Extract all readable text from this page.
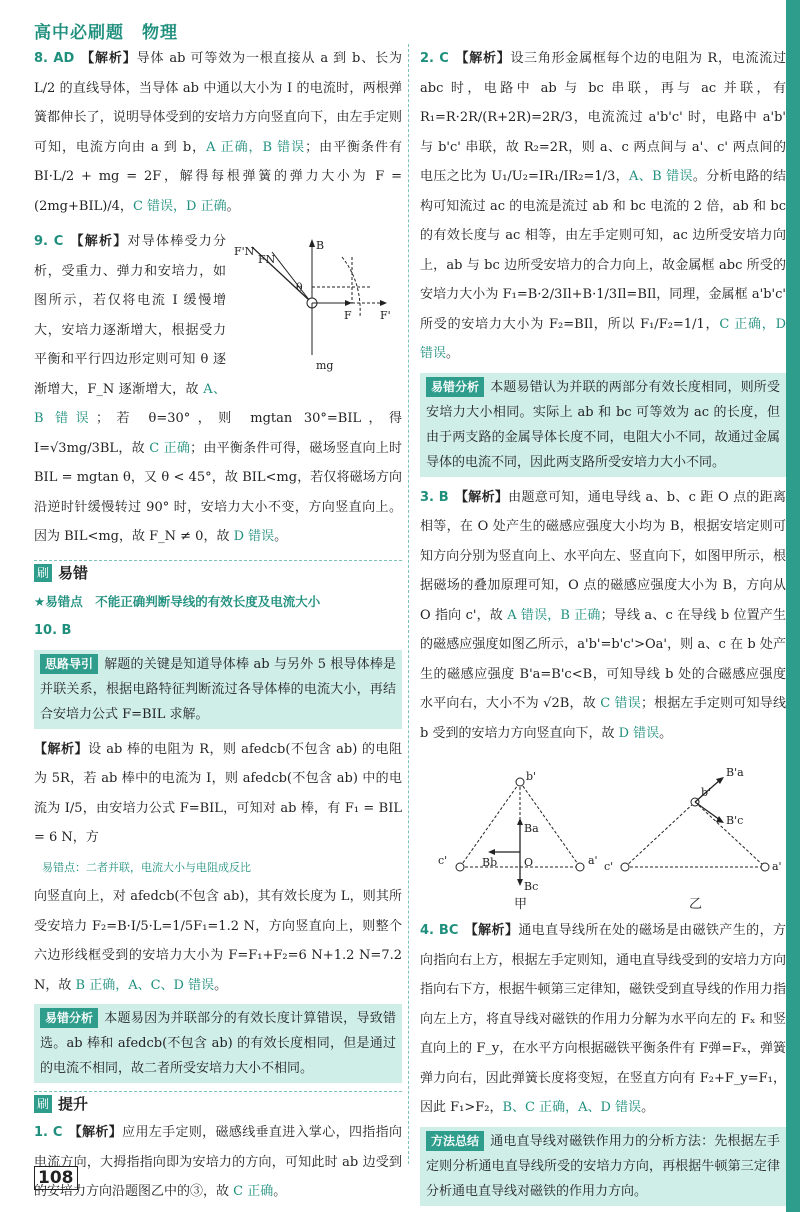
高中必刷题　物理

8. AD 【解析】导体 ab 可等效为一根直接从 a 到 b、长为 L/2 的直线导体，当导体 ab 中通以大小为 I 的电流时，两根弹簧都伸长了，说明导体受到的安培力方向竖直向下，由左手定则可知，电流方向由 a 到 b，A 正确，B 错误；由平衡条件有 BI·L/2 + mg = 2F，解得每根弹簧的弹力大小为 F = (2mg+BIL)/4，C 错误，D 正确。

B
F'N
FN
θ
F	F'
mg

9. C 【解析】对导体棒受力分析，受重力、弹力和安培力，如图所示，若仅将电流 I 缓慢增大，安培力逐渐增大，根据受力平衡和平行四边形定则可知 θ 逐渐增大，F_N 逐渐增大，故 A、B 错误；若 θ=30°，则 mgtan 30°=BIL，得 I=√3mg/3BL，故 C 正确；由平衡条件可得，磁场竖直向上时 BIL = mgtan θ，又 θ < 45°，故 BIL<mg，若仅将磁场方向沿逆时针缓慢转过 90° 时，安培力大小不变，方向竖直向上。因为 BIL<mg，故 F_N ≠ 0，故 D 错误。

刷 易错
★易错点　不能正确判断导线的有效长度及电流大小
10. B
思路导引 解题的关键是知道导体棒 ab 与另外 5 根导体棒是并联关系，根据电路特征判断流过各导体棒的电流大小，再结合安培力公式 F=BIL 求解。

【解析】设 ab 棒的电阻为 R，则 afedcb(不包含 ab) 的电阻为 5R，若 ab 棒中的电流为 I，则 afedcb(不包含 ab) 中的电流为 I/5，由安培力公式 F=BIL，可知对 ab 棒，有 F₁ = BIL = 6 N，方

易错点：二者并联，电流大小与电阻成反比

向竖直向上，对 afedcb(不包含 ab)，其有效长度为 L，则其所受安培力 F₂=B·I/5·L=1/5F₁=1.2 N，方向竖直向上，则整个六边形线框受到的安培力大小为 F=F₁+F₂=6 N+1.2 N=7.2 N，故 B 正确，A、C、D 错误。

易错分析 本题易因为并联部分的有效长度计算错误，导致错选。ab 棒和 afedcb(不包含 ab) 的有效长度相同，但是通过的电流不相同，故二者所受安培力大小不相同。
刷 提升

1. C 【解析】应用左手定则，磁感线垂直进入掌心，四指指向电流方向，大拇指指向即为安培力的方向，可知此时 ab 边受到的安培力方向沿题图乙中的③，故 C 正确。

2. C 【解析】设三角形金属框每个边的电阻为 R，电流流过 abc 时，电路中 ab 与 bc 串联，再与 ac 并联，有 R₁=R·2R/(R+2R)=2R/3，电流流过 a'b'c' 时，电路中 a'b' 与 b'c' 串联，故 R₂=2R，则 a、c 两点间与 a'、c' 两点间的电压之比为 U₁/U₂=IR₁/IR₂=1/3，A、B 错误。分析电路的结构可知流过 ac 的电流是流过 ab 和 bc 电流的 2 倍，ab 和 bc 的有效长度与 ac 相等，由左手定则可知，ac 边所受安培力向上，ab 与 bc 边所受安培力的合力向上，故金属框 abc 所受的安培力大小为 F₁=B·2/3Il+B·1/3Il=BIl，同理，金属框 a'b'c' 所受的安培力大小为 F₂=BIl，所以 F₁/F₂=1/1，C 正确，D 错误。

易错分析 本题易错认为并联的两部分有效长度相同，则所受安培力大小相同。实际上 ab 和 bc 可等效为 ac 的长度，但由于两支路的金属导体长度不同，电阻大小不同，故通过金属导体的电流不同，因此两支路所受安培力大小不同。

3. B 【解析】由题意可知，通电导线 a、b、c 距 O 点的距离相等，在 O 处产生的磁感应强度大小均为 B，根据安培定则可知方向分别为竖直向上、水平向左、竖直向下，如图甲所示，根据磁场的叠加原理可知，O 点的磁感应强度大小为 B，方向从 O 指向 c'，故 A 错误，B 正确；导线 a、c 在导线 b 位置产生的磁感应强度如图乙所示，a'b'=b'c'>Oa'，则 a、c 在 b 处产生的磁感应强度 B'a=B'c<B，可知导线 b 处的合磁感应强度水平向右，大小不为 √2B，故 C 错误；根据左手定则可知导线 b 受到的安培力方向竖直向下，故 D 错误。

b'
a'
c'	O
Ba
Bb
Bc
甲
b'
a'
c'
B'a
B'c
乙

4. BC 【解析】通电直导线所在处的磁场是由磁铁产生的，方向指向右上方，根据左手定则知，通电直导线受到的安培力方向指向右下方，根据牛顿第三定律知，磁铁受到直导线的作用力指向左上方，将直导线对磁铁的作用力分解为水平向左的 Fₓ 和竖直向上的 F_y，在水平方向根据磁铁平衡条件有 F弹=Fₓ，弹簧弹力向右，因此弹簧长度将变短，在竖直方向有 F₂+F_y=F₁，因此 F₁>F₂，B、C 正确，A、D 错误。

方法总结 通电直导线对磁铁作用力的分析方法：先根据左手定则分析通电直导线所受的安培力方向，再根据牛顿第三定律分析通电直导线对磁铁的作用力方向。
108
